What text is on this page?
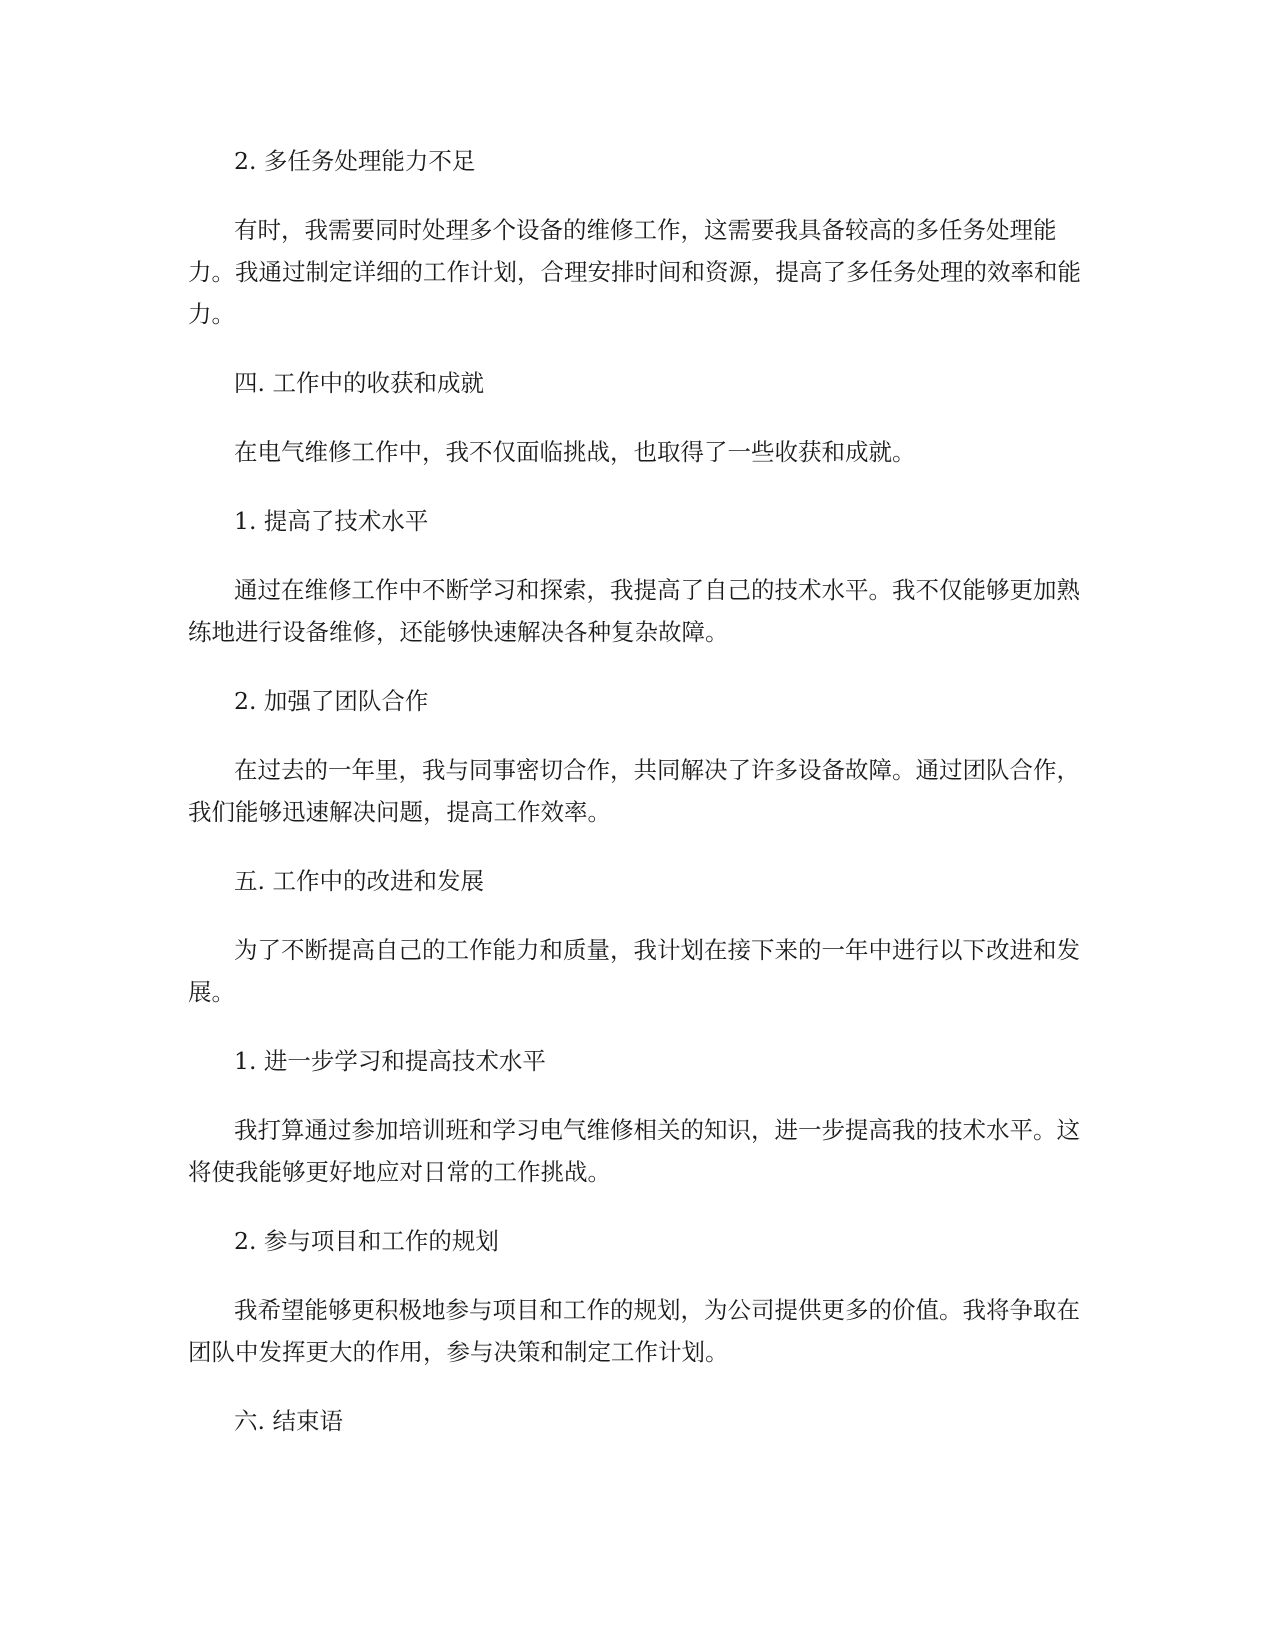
2. 多任务处理能力不足

有时，我需要同时处理多个设备的维修工作，这需要我具备较高的多任务处理能力。我通过制定详细的工作计划，合理安排时间和资源，提高了多任务处理的效率和能力。

四. 工作中的收获和成就

在电气维修工作中，我不仅面临挑战，也取得了一些收获和成就。

1. 提高了技术水平

通过在维修工作中不断学习和探索，我提高了自己的技术水平。我不仅能够更加熟练地进行设备维修，还能够快速解决各种复杂故障。

2. 加强了团队合作

在过去的一年里，我与同事密切合作，共同解决了许多设备故障。通过团队合作，我们能够迅速解决问题，提高工作效率。

五. 工作中的改进和发展

为了不断提高自己的工作能力和质量，我计划在接下来的一年中进行以下改进和发展。

1. 进一步学习和提高技术水平

我打算通过参加培训班和学习电气维修相关的知识，进一步提高我的技术水平。这将使我能够更好地应对日常的工作挑战。

2. 参与项目和工作的规划

我希望能够更积极地参与项目和工作的规划，为公司提供更多的价值。我将争取在团队中发挥更大的作用，参与决策和制定工作计划。

六. 结束语
